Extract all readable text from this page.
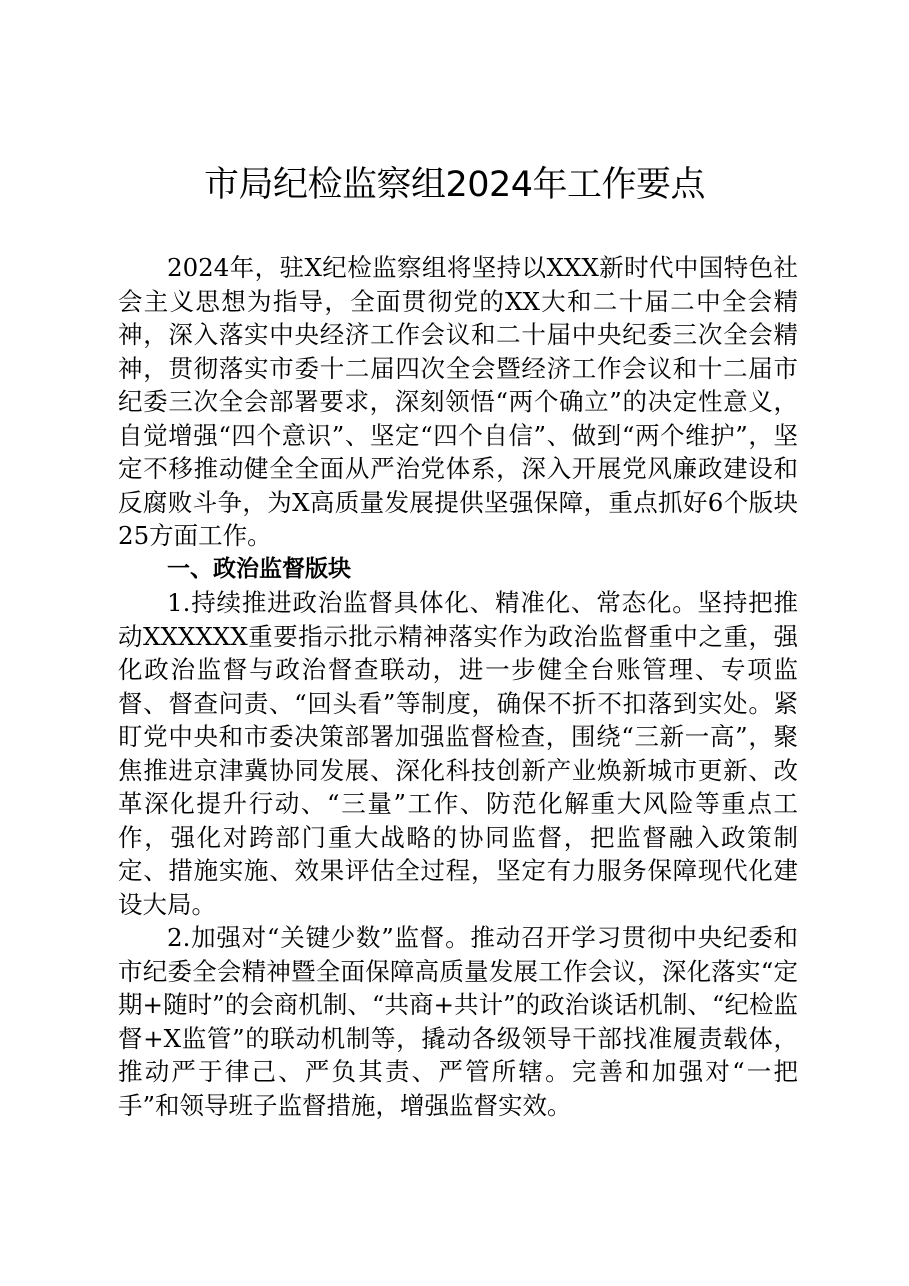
市局纪检监察组2024年工作要点

2024年，驻X纪检监察组将坚持以XXX新时代中国特色社会主义思想为指导，全面贯彻党的XX大和二十届二中全会精神，深入落实中央经济工作会议和二十届中央纪委三次全会精神，贯彻落实市委十二届四次全会暨经济工作会议和十二届市纪委三次全会部署要求，深刻领悟“两个确立”的决定性意义，自觉增强“四个意识”、坚定“四个自信”、做到“两个维护”，坚定不移推动健全全面从严治党体系，深入开展党风廉政建设和反腐败斗争，为X高质量发展提供坚强保障，重点抓好6个版块25方面工作。

一、政治监督版块

1.持续推进政治监督具体化、精准化、常态化。坚持把推动XXXXXX重要指示批示精神落实作为政治监督重中之重，强化政治监督与政治督查联动，进一步健全台账管理、专项监督、督查问责、“回头看”等制度，确保不折不扣落到实处。紧盯党中央和市委决策部署加强监督检查，围绕“三新一高”，聚焦推进京津冀协同发展、深化科技创新产业焕新城市更新、改革深化提升行动、“三量”工作、防范化解重大风险等重点工作，强化对跨部门重大战略的协同监督，把监督融入政策制定、措施实施、效果评估全过程，坚定有力服务保障现代化建设大局。

2.加强对“关键少数”监督。推动召开学习贯彻中央纪委和市纪委全会精神暨全面保障高质量发展工作会议，深化落实“定期+随时”的会商机制、“共商+共计”的政治谈话机制、“纪检监督+X监管”的联动机制等，撬动各级领导干部找准履责载体，推动严于律己、严负其责、严管所辖。完善和加强对“一把手”和领导班子监督措施，增强监督实效。
